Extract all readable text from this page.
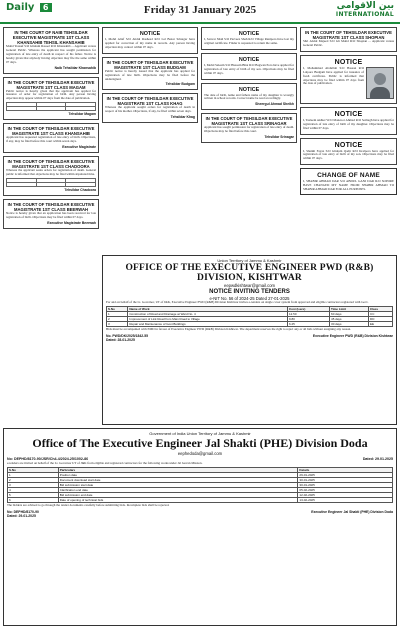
Daily 6	Friday 31 January 2025	بین الاقوامی
INTERNATIONAL
IN THE COURT OF NAIB TEHSILDAR EXECUTIVE MAGISTRATE 1ST CLASS KHANSAHIB TEHSIL KHANSAHIB
Mohd Yousuf S/O Ghulam Rasool R/O Khansahib ... Applicant versus General Public. Whereas the applicant has sought permission for registration of late entry of death in respect of his father. Notice is hereby given that anybody having objection may file the same within 07 days.
Naib Tehsildar Khansahib
IN THE COURT OF TEHSILDAR EXECUTIVE MAGISTRATE 1ST CLASS MAGAM
Public notice is hereby given that the applicant has applied for issuance of order for registration of birth. Any person having objection may appear within 07 days from the date of publication.

Tehsildar Magam
IN THE COURT OF TEHSILDAR EXECUTIVE MAGISTRATE 1ST CLASS KHANSAHIB
Applicant has requested registration of late entry of birth. Objections, if any, may be filed before this court within seven days.
Executive Magistrate
IN THE COURT OF TEHSILDAR EXECUTIVE MAGISTRATE 1ST CLASS CHADOORA
Whereas the applicant seeks orders for registration of death. General public is informed that objections may be filed within stipulated time.

Tehsildar Chadoora
IN THE COURT OF TEHSILDAR EXECUTIVE MAGISTRATE 1ST CLASS BEERWAH
Notice is hereby given that an application has been received for late registration of birth. Objections may be filed within 07 days.
Executive Magistrate Beerwah
NOTICE
I, Mohd Altaf S/O Abdul Rasheed R/O Lal Bazar Srinagar have applied for correction of my name in records. Any person having objection may contact within 07 days.
IN THE COURT OF TEHSILDAR EXECUTIVE MAGISTRATE 1ST CLASS BUDGAM
Public notice is hereby issued that the applicant has applied for registration of late birth. Objections may be filed before the undersigned.
Tehsildar Budgam
IN THE COURT OF TEHSILDAR EXECUTIVE MAGISTRATE 1ST CLASS KHAG
Whereas the applicant sought orders for registration of death in respect of his mother. Objections, if any, be filed within seven days.
Tehsildar Khag
NOTICE
I, Sarwar Shah S/O Parveez Shah R/O Village Ranipora have lost my original certificate. Finder is requested to return the same.
NOTICE
I, Mohd Saleem S/O Hussain Bhat R/O Bagwan Pora have applied for registration of late entry of birth of my son. Objections may be filed within 07 days.
NOTICE
The date of birth, name and fathers name of my daughter is wrongly written in school records. Correct name be read accordingly.
Sheergul Ahmad Sheikh
IN THE COURT OF TEHSILDAR EXECUTIVE MAGISTRATE 1ST CLASS SRINAGAR
Applicant has sought permission for registration of late entry of death. Objections may be filed before this court.
Tehsildar Srinagar
IN THE COURT OF TEHSILDAR EXECUTIVE MAGISTRATE 1ST CLASS SHOPIAN
Shri Abdul Majeed S/O Gh Mohd R/O Shopian ... Applicant versus General Public.
NOTICE
I, Mohammad Abdullah S/O Hassan R/O Lalpora Budgam have applied for issuance of fresh certificate. Public is informed that objections may be filed within 07 days from the date of publication.
NOTICE
I, Tasleem Akhter W/O Manzoor Ahmad R/O Soibugh have applied for registration of late entry of birth of my daughter. Objections may be filed within 07 days.
NOTICE
I, Sheikh Fayaz S/O Ghulam Qadir R/O Kralpora have applied for registration of late entry of birth of my son. Objections may be filed within 07 days.
CHANGE OF NAME
I, SHABIR AHMAD DAR S/O ABDUL GANI DAR R/O SOPORE HAVE CHANGED MY NAME FROM SHABIR AHMAD TO SHABIR AHMAD DAR FOR ALL PURPOSES.
Union Territory of Jammu & Kashmir
OFFICE OF THE EXECUTIVE ENGINEER PWD (R&B) DIVISION, KISHTWAR
eepwdkishtwar@gmail.com
NOTICE INVITING TENDERS
e-NIT No. 56 of 2024-25 Dated 27-01-2025
For and on behalf of the Lt. Governor, UT of J&K, Executive Engineer PWD (R&B) Division Kishtwar invites e-tenders on single cover system from approved and eligible contractors registered with Govt.
S.No	Name of Work	Cost (Lacs)	Time Limit	Class
1	Construction of Road and Drainage at Ward No. 4	12.50	60 days	CC
2	Improvement of Link Road from Main Road to Village	9.80	45 days	DD
3	Repair and Maintenance of Govt Buildings	6.25	30 days	EE
Bids must be accompanied with EMD in favour of Executive Engineer PWD (R&B) Division Kishtwar. The department reserves the right to reject any or all bids without assigning any reason.
No. PWD/DK/2025/1842-55
Dated: 28-01-2025
Executive Engineer PWD (R&B) Division Kishtwar
Government of India Union Territory of Jammu & Kashmir
Office of The Executive Engineer Jal Shakti (PHE) Division Doda
eephedoda@gmail.com
No: DEPHD/8170-90/JSR/Ch4-4/2024-25/1002-86	Dated: 29.01.2025
e-tenders are invited on behalf of the Lt. Governor UT of J&K from eligible and registered contractors for the following works under Jal Jeevan Mission.
S.No	Particulars	Details
1	Position date	29-01-2025
2	Document download start date	30-01-2025
3	Bid submission start date	30-01-2025
4	Clarification end date	05-02-2025
5	Bid submission end date	12-02-2025
6	Date of opening of technical bids	13-02-2025
The bidders are advised to go through the tender documents carefully before submitting bids. Incomplete bids shall be rejected.
No: DEPHD/8170-90
Dated: 29-01-2025
Executive Engineer Jal Shakti (PHE) Division Doda
